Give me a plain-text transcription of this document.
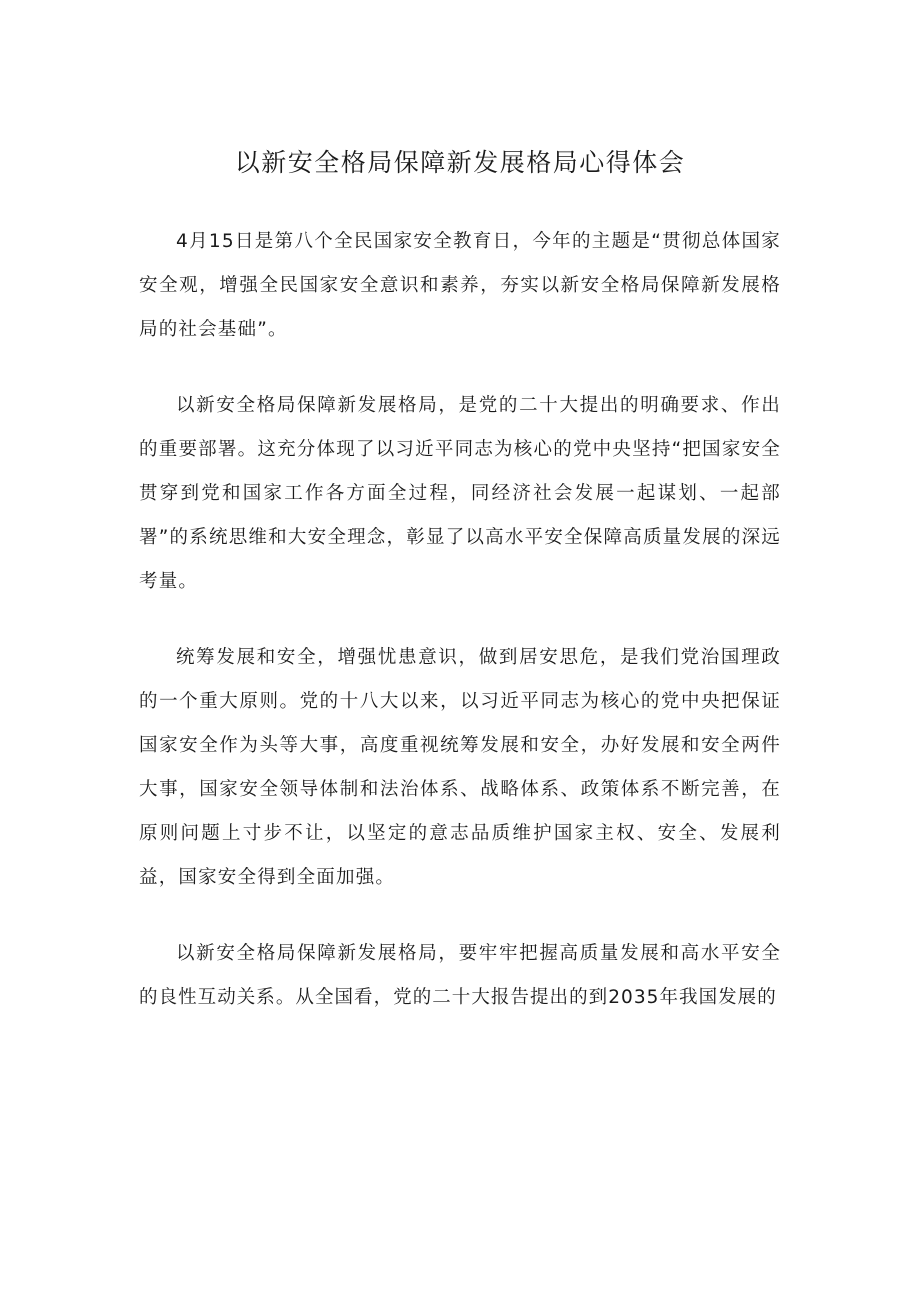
以新安全格局保障新发展格局心得体会

4月15日是第八个全民国家安全教育日，今年的主题是“贯彻总体国家安全观，增强全民国家安全意识和素养，夯实以新安全格局保障新发展格局的社会基础”。

以新安全格局保障新发展格局，是党的二十大提出的明确要求、作出的重要部署。这充分体现了以习近平同志为核心的党中央坚持“把国家安全贯穿到党和国家工作各方面全过程，同经济社会发展一起谋划、一起部署”的系统思维和大安全理念，彰显了以高水平安全保障高质量发展的深远考量。

统筹发展和安全，增强忧患意识，做到居安思危，是我们党治国理政的一个重大原则。党的十八大以来，以习近平同志为核心的党中央把保证国家安全作为头等大事，高度重视统筹发展和安全，办好发展和安全两件大事，国家安全领导体制和法治体系、战略体系、政策体系不断完善，在原则问题上寸步不让，以坚定的意志品质维护国家主权、安全、发展利益，国家安全得到全面加强。

以新安全格局保障新发展格局，要牢牢把握高质量发展和高水平安全的良性互动关系。从全国看，党的二十大报告提出的到2035年我国发展的
